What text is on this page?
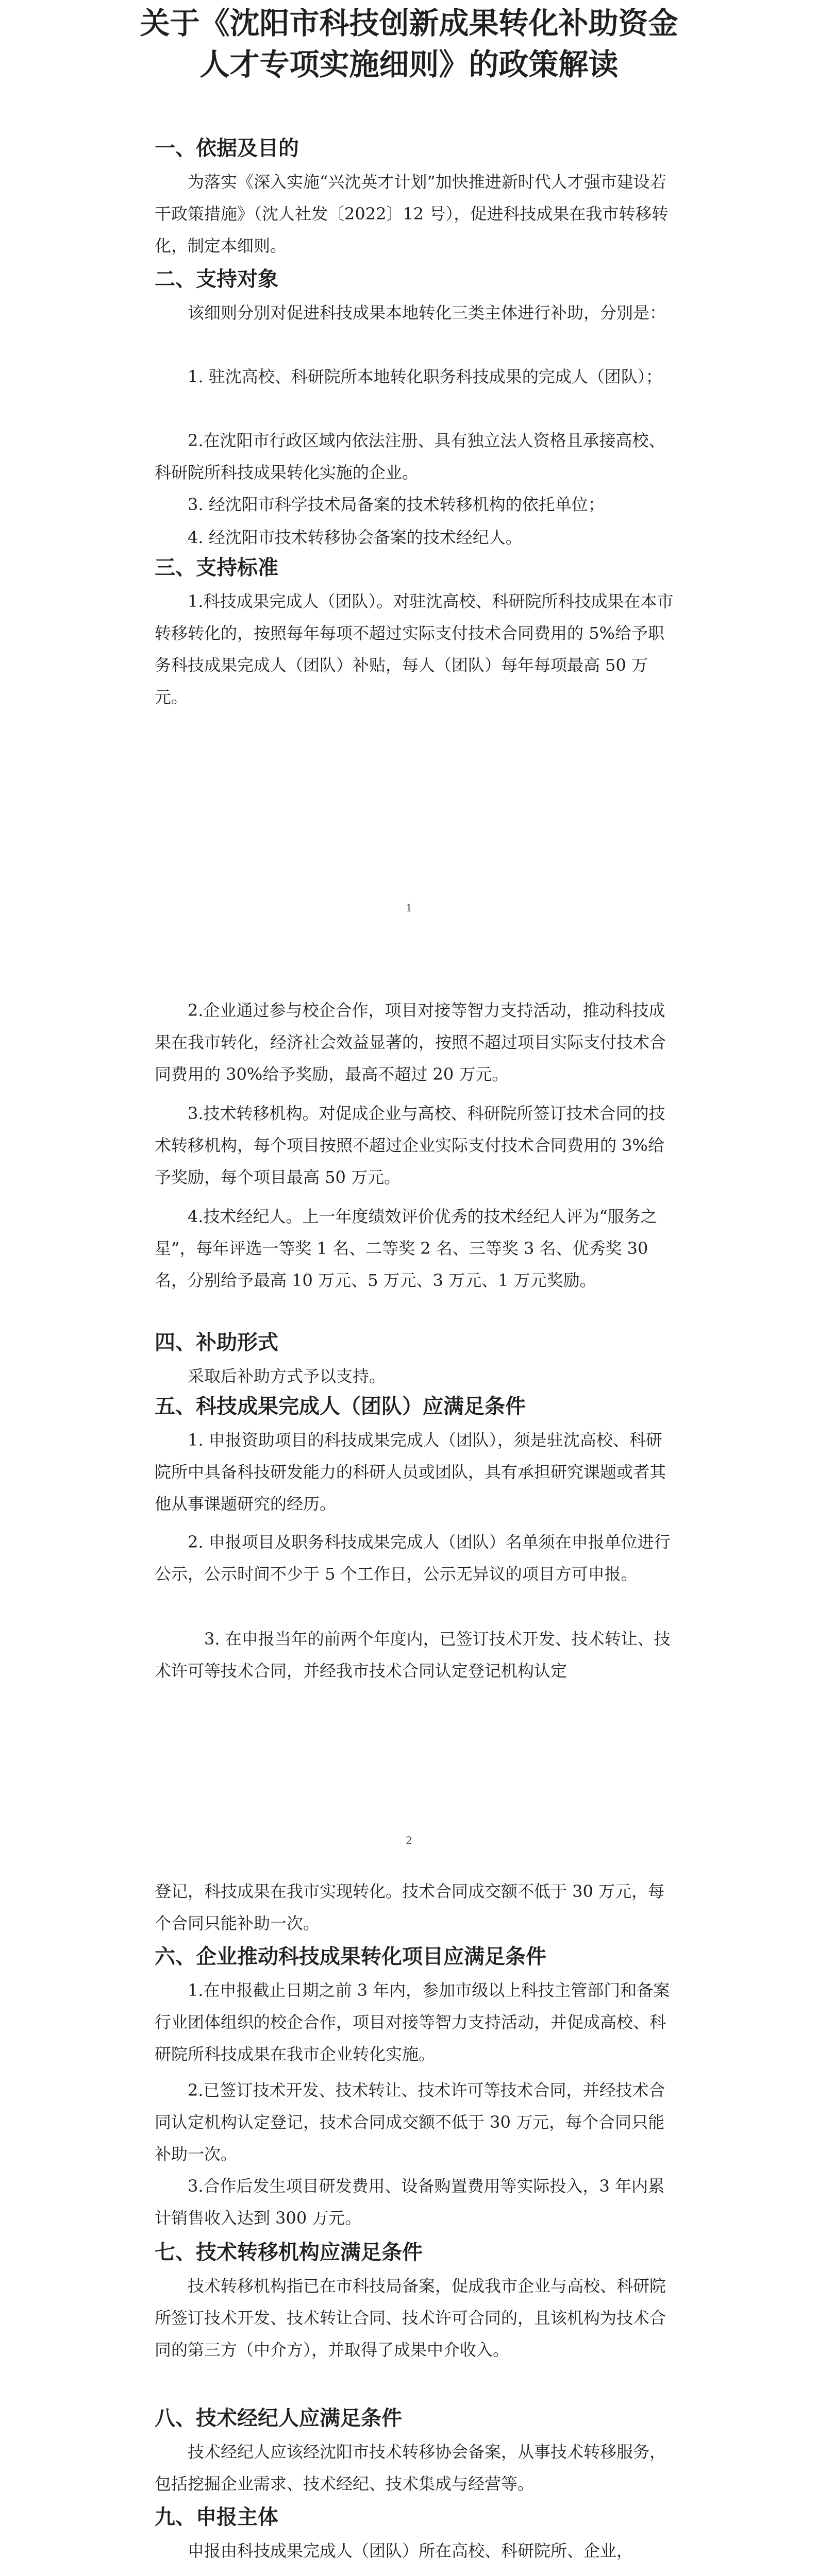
关于《沈阳市科技创新成果转化补助资金
人才专项实施细则》的政策解读
一、依据及目的
　　为落实《深入实施“兴沈英才计划”加快推进新时代人才强市建设若干政策措施》（沈人社发〔2022〕12 号），促进科技成果在我市转移转化，制定本细则。
二、支持对象
　　该细则分别对促进科技成果本地转化三类主体进行补助，分别是：
　　1. 驻沈高校、科研院所本地转化职务科技成果的完成人（团队）；
　　2.在沈阳市行政区域内依法注册、具有独立法人资格且承接高校、科研院所科技成果转化实施的企业。
　　3. 经沈阳市科学技术局备案的技术转移机构的依托单位；
　　4. 经沈阳市技术转移协会备案的技术经纪人。
三、支持标准
　　1.科技成果完成人（团队）。对驻沈高校、科研院所科技成果在本市转移转化的，按照每年每项不超过实际支付技术合同费用的 5%给予职务科技成果完成人（团队）补贴，每人（团队）每年每项最高 50 万元。
　　2.企业通过参与校企合作，项目对接等智力支持活动，推动科技成果在我市转化，经济社会效益显著的，按照不超过项目实际支付技术合同费用的 30%给予奖励，最高不超过 20 万元。
　　3.技术转移机构。对促成企业与高校、科研院所签订技术合同的技术转移机构，每个项目按照不超过企业实际支付技术合同费用的 3%给予奖励，每个项目最高 50 万元。
　　4.技术经纪人。上一年度绩效评价优秀的技术经纪人评为“服务之星”，每年评选一等奖 1 名、二等奖 2 名、三等奖 3 名、优秀奖 30 名，分别给予最高 10 万元、5 万元、3 万元、1 万元奖励。
四、补助形式
　　采取后补助方式予以支持。
五、科技成果完成人（团队）应满足条件
　　1. 申报资助项目的科技成果完成人（团队），须是驻沈高校、科研院所中具备科技研发能力的科研人员或团队，具有承担研究课题或者其他从事课题研究的经历。
　　2. 申报项目及职务科技成果完成人（团队）名单须在申报单位进行公示，公示时间不少于 5 个工作日，公示无异议的项目方可申报。
　　　3. 在申报当年的前两个年度内，已签订技术开发、技术转让、技术许可等技术合同，并经我市技术合同认定登记机构认定
登记，科技成果在我市实现转化。技术合同成交额不低于 30 万元，每个合同只能补助一次。
六、企业推动科技成果转化项目应满足条件
　　1.在申报截止日期之前 3 年内，参加市级以上科技主管部门和备案行业团体组织的校企合作，项目对接等智力支持活动，并促成高校、科研院所科技成果在我市企业转化实施。
　　2.已签订技术开发、技术转让、技术许可等技术合同，并经技术合同认定机构认定登记，技术合同成交额不低于 30 万元，每个合同只能补助一次。
　　3.合作后发生项目研发费用、设备购置费用等实际投入，3 年内累计销售收入达到 300 万元。
七、技术转移机构应满足条件
　　技术转移机构指已在市科技局备案，促成我市企业与高校、科研院所签订技术开发、技术转让合同、技术许可合同的，且该机构为技术合同的第三方（中介方），并取得了成果中介收入。
八、技术经纪人应满足条件
　　技术经纪人应该经沈阳市技术转移协会备案，从事技术转移服务，包括挖掘企业需求、技术经纪、技术集成与经营等。
九、申报主体
　　申报由科技成果完成人（团队）所在高校、科研院所、企业，
1
2
